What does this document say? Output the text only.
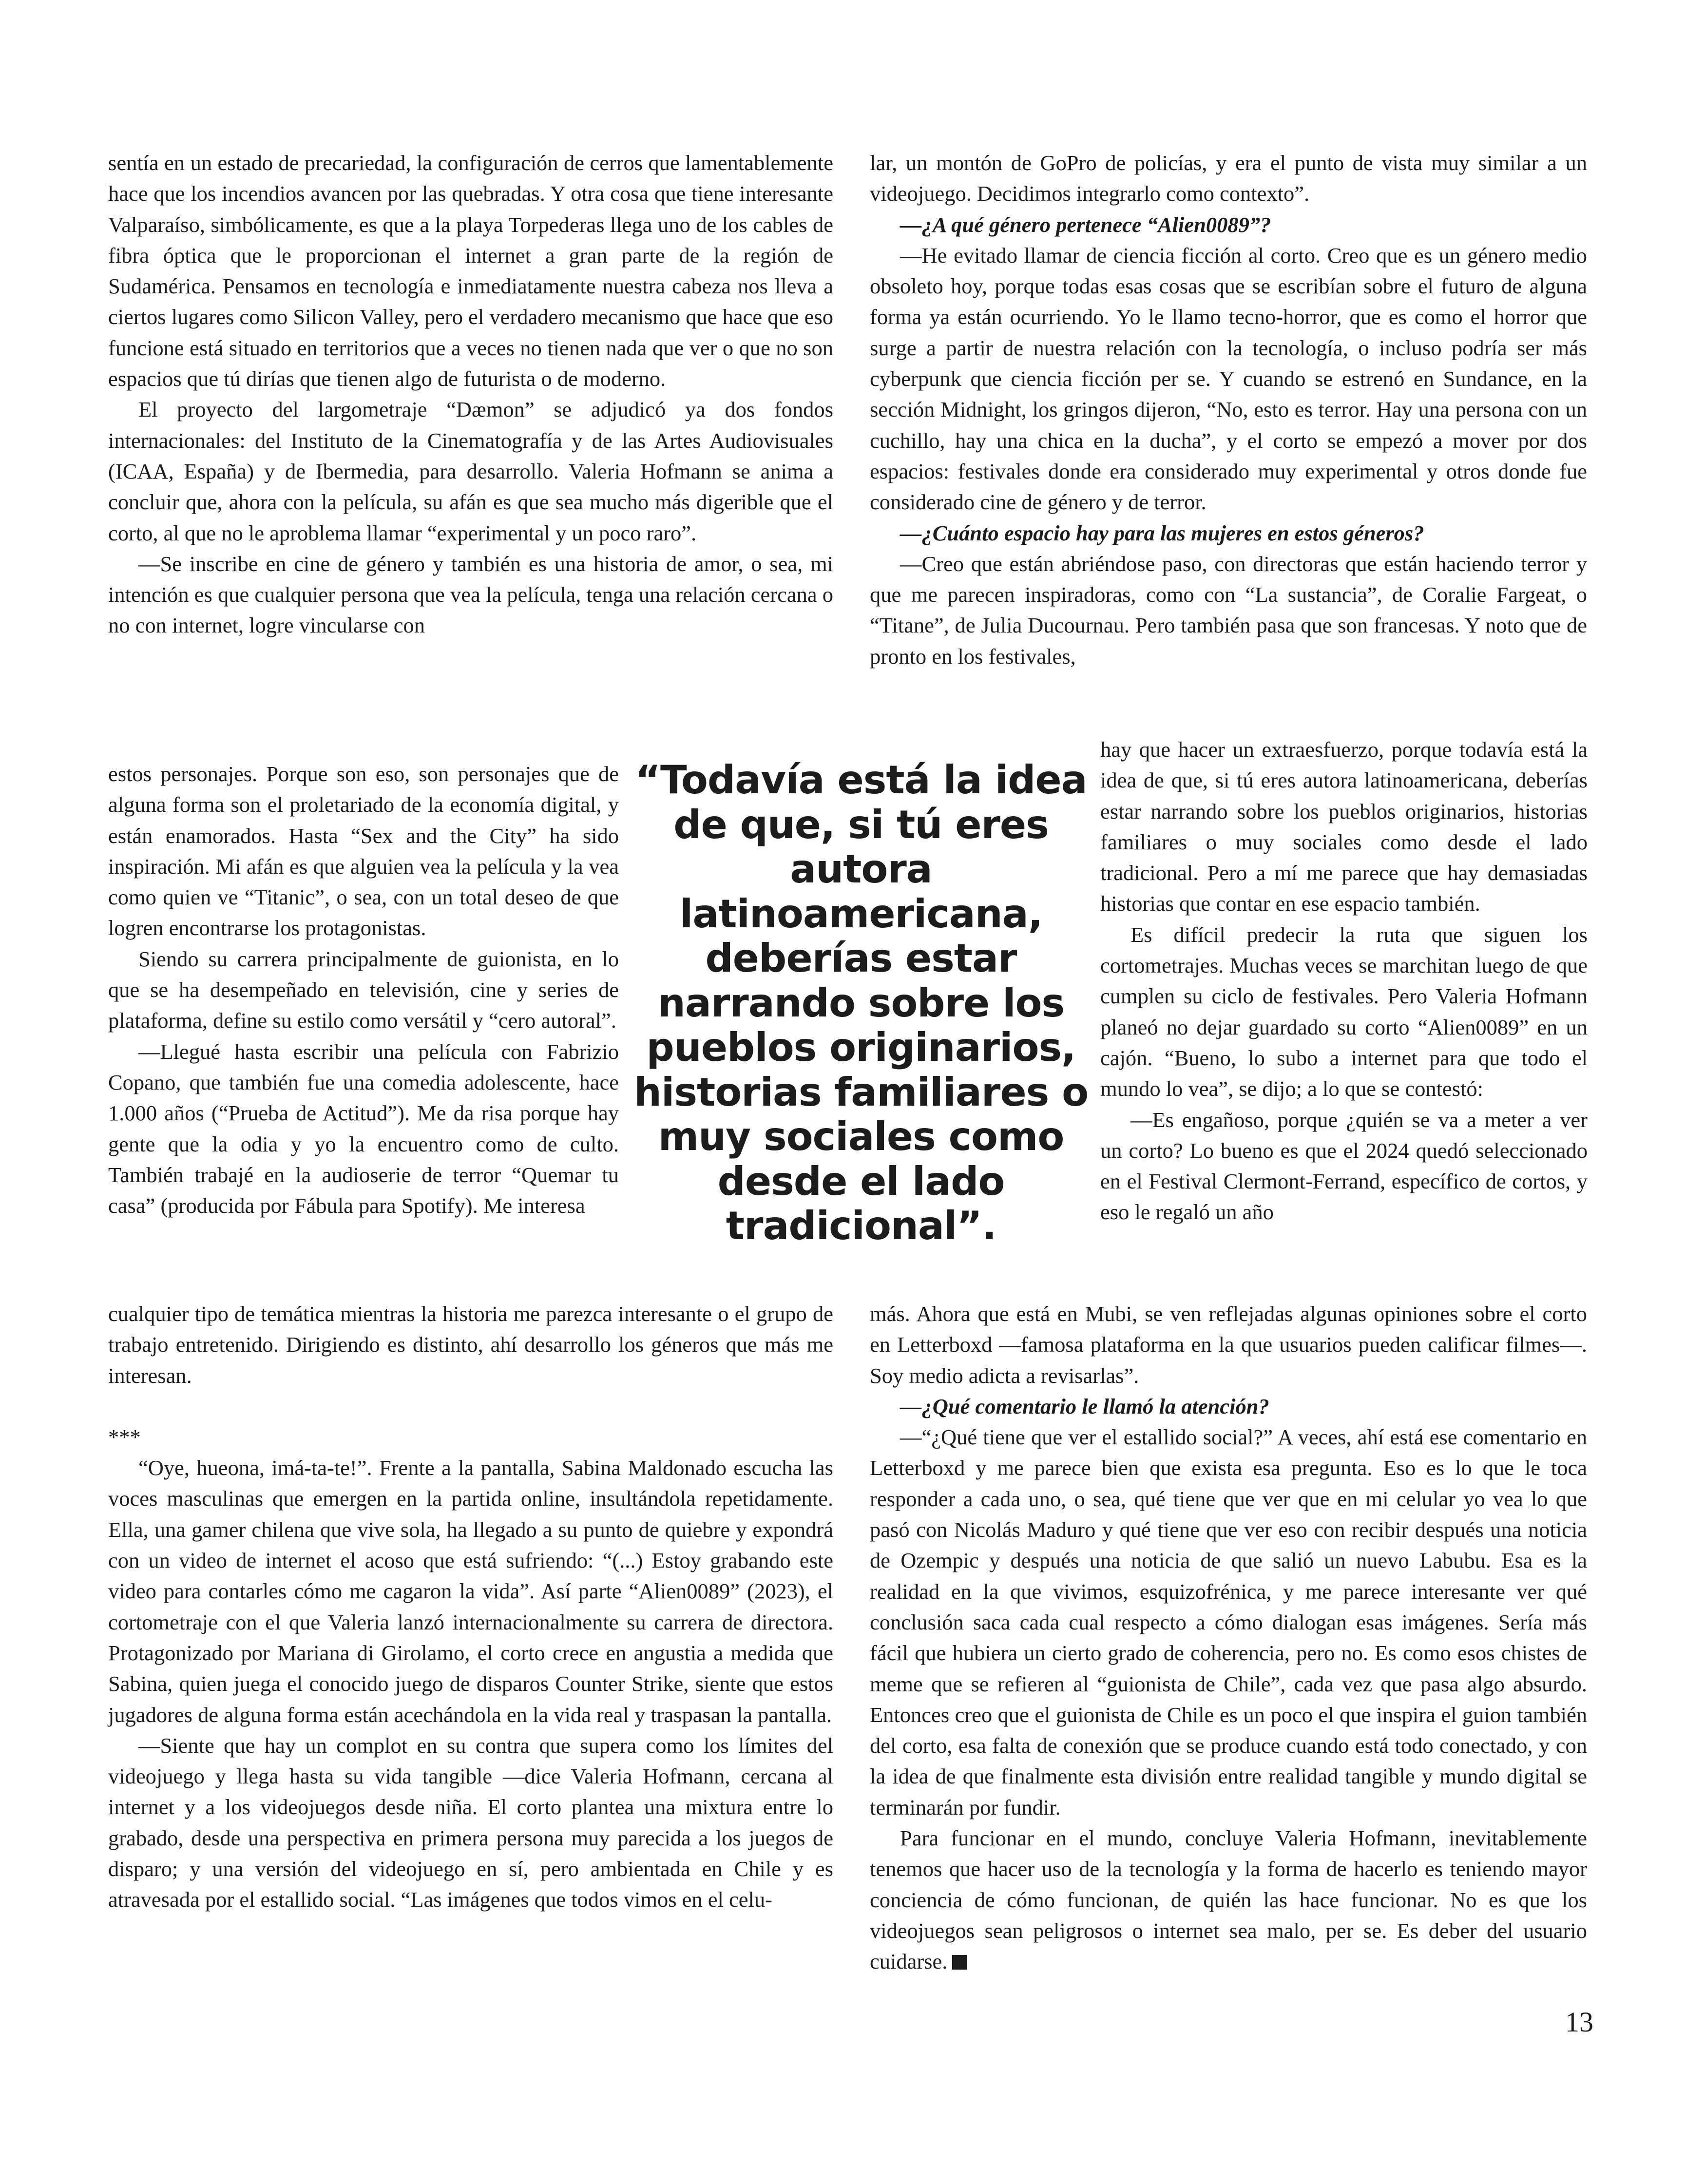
sentía en un estado de precariedad, la configuración de cerros que lamentablemente hace que los incendios avancen por las quebradas. Y otra cosa que tiene interesante Valparaíso, simbólicamente, es que a la playa Torpederas llega uno de los cables de fibra óptica que le proporcionan el internet a gran parte de la región de Sudamérica. Pensamos en tecnología e inmediatamente nuestra cabeza nos lleva a ciertos lugares como Silicon Valley, pero el verdadero mecanismo que hace que eso funcione está situado en territorios que a veces no tienen nada que ver o que no son espacios que tú dirías que tienen algo de futurista o de moderno.

El proyecto del largometraje “Dæmon” se adjudicó ya dos fondos internacionales: del Instituto de la Cinematografía y de las Artes Audiovisuales (ICAA, España) y de Ibermedia, para desarrollo. Valeria Hofmann se anima a concluir que, ahora con la película, su afán es que sea mucho más digerible que el corto, al que no le aproblema llamar “experimental y un poco raro”.

—Se inscribe en cine de género y también es una historia de amor, o sea, mi intención es que cualquier persona que vea la película, tenga una relación cercana o no con internet, logre vincularse con

estos personajes. Porque son eso, son personajes que de alguna forma son el proletariado de la economía digital, y están enamorados. Hasta “Sex and the City” ha sido inspiración. Mi afán es que alguien vea la película y la vea como quien ve “Titanic”, o sea, con un total deseo de que logren encontrarse los protagonistas.

Siendo su carrera principalmente de guionista, en lo que se ha desempeñado en televisión, cine y series de plataforma, define su estilo como versátil y “cero autoral”.

—Llegué hasta escribir una película con Fabrizio Copano, que también fue una comedia adolescente, hace 1.000 años (“Prueba de Actitud”). Me da risa porque hay gente que la odia y yo la encuentro como de culto. También trabajé en la audioserie de terror “Quemar tu casa” (producida por Fábula para Spotify). Me interesa

cualquier tipo de temática mientras la historia me parezca interesante o el grupo de trabajo entretenido. Dirigiendo es distinto, ahí desarrollo los géneros que más me interesan.

***

“Oye, hueona, imá-ta-te!”. Frente a la pantalla, Sabina Maldonado escucha las voces masculinas que emergen en la partida online, insultándola repetidamente. Ella, una gamer chilena que vive sola, ha llegado a su punto de quiebre y expondrá con un video de internet el acoso que está sufriendo: “(...) Estoy grabando este video para contarles cómo me cagaron la vida”. Así parte “Alien0089” (2023), el cortometraje con el que Valeria lanzó internacionalmente su carrera de directora. Protagonizado por Mariana di Girolamo, el corto crece en angustia a medida que Sabina, quien juega el conocido juego de disparos Counter Strike, siente que estos jugadores de alguna forma están acechándola en la vida real y traspasan la pantalla.

—Siente que hay un complot en su contra que supera como los límites del videojuego y llega hasta su vida tangible —dice Valeria Hofmann, cercana al internet y a los videojuegos desde niña. El corto plantea una mixtura entre lo grabado, desde una perspectiva en primera persona muy parecida a los juegos de disparo; y una versión del videojuego en sí, pero ambientada en Chile y es atravesada por el estallido social. “Las imágenes que todos vimos en el celu-

“Todavía está la idea de que, si tú eres autora latinoamericana, deberías estar narrando sobre los pueblos originarios, historias familiares o muy sociales como desde el lado tradicional”.

lar, un montón de GoPro de policías, y era el punto de vista muy similar a un videojuego. Decidimos integrarlo como contexto”.

—¿A qué género pertenece “Alien0089”?

—He evitado llamar de ciencia ficción al corto. Creo que es un género medio obsoleto hoy, porque todas esas cosas que se escribían sobre el futuro de alguna forma ya están ocurriendo. Yo le llamo tecno-horror, que es como el horror que surge a partir de nuestra relación con la tecnología, o incluso podría ser más cyberpunk que ciencia ficción per se. Y cuando se estrenó en Sundance, en la sección Midnight, los gringos dijeron, “No, esto es terror. Hay una persona con un cuchillo, hay una chica en la ducha”, y el corto se empezó a mover por dos espacios: festivales donde era considerado muy experimental y otros donde fue considerado cine de género y de terror.

—¿Cuánto espacio hay para las mujeres en estos géneros?

—Creo que están abriéndose paso, con directoras que están haciendo terror y que me parecen inspiradoras, como con “La sustancia”, de Coralie Fargeat, o “Titane”, de Julia Ducournau. Pero también pasa que son francesas. Y noto que de pronto en los festivales,

hay que hacer un extraesfuerzo, porque todavía está la idea de que, si tú eres autora latinoamericana, deberías estar narrando sobre los pueblos originarios, historias familiares o muy sociales como desde el lado tradicional. Pero a mí me parece que hay demasiadas historias que contar en ese espacio también.

Es difícil predecir la ruta que siguen los cortometrajes. Muchas veces se marchitan luego de que cumplen su ciclo de festivales. Pero Valeria Hofmann planeó no dejar guardado su corto “Alien0089” en un cajón. “Bueno, lo subo a internet para que todo el mundo lo vea”, se dijo; a lo que se contestó:

—Es engañoso, porque ¿quién se va a meter a ver un corto? Lo bueno es que el 2024 quedó seleccionado en el Festival Clermont-Ferrand, específico de cortos, y eso le regaló un año

más. Ahora que está en Mubi, se ven reflejadas algunas opiniones sobre el corto en Letterboxd —famosa plataforma en la que usuarios pueden calificar filmes—. Soy medio adicta a revisarlas”.

—¿Qué comentario le llamó la atención?

—“¿Qué tiene que ver el estallido social?” A veces, ahí está ese comentario en Letterboxd y me parece bien que exista esa pregunta. Eso es lo que le toca responder a cada uno, o sea, qué tiene que ver que en mi celular yo vea lo que pasó con Nicolás Maduro y qué tiene que ver eso con recibir después una noticia de Ozempic y después una noticia de que salió un nuevo Labubu. Esa es la realidad en la que vivimos, esquizofrénica, y me parece interesante ver qué conclusión saca cada cual respecto a cómo dialogan esas imágenes. Sería más fácil que hubiera un cierto grado de coherencia, pero no. Es como esos chistes de meme que se refieren al “guionista de Chile”, cada vez que pasa algo absurdo. Entonces creo que el guionista de Chile es un poco el que inspira el guion también del corto, esa falta de conexión que se produce cuando está todo conectado, y con la idea de que finalmente esta división entre realidad tangible y mundo digital se terminarán por fundir.

Para funcionar en el mundo, concluye Valeria Hofmann, inevitablemente tenemos que hacer uso de la tecnología y la forma de hacerlo es teniendo mayor conciencia de cómo funcionan, de quién las hace funcionar. No es que los videojuegos sean peligrosos o internet sea malo, per se. Es deber del usuario cuidarse.

13
